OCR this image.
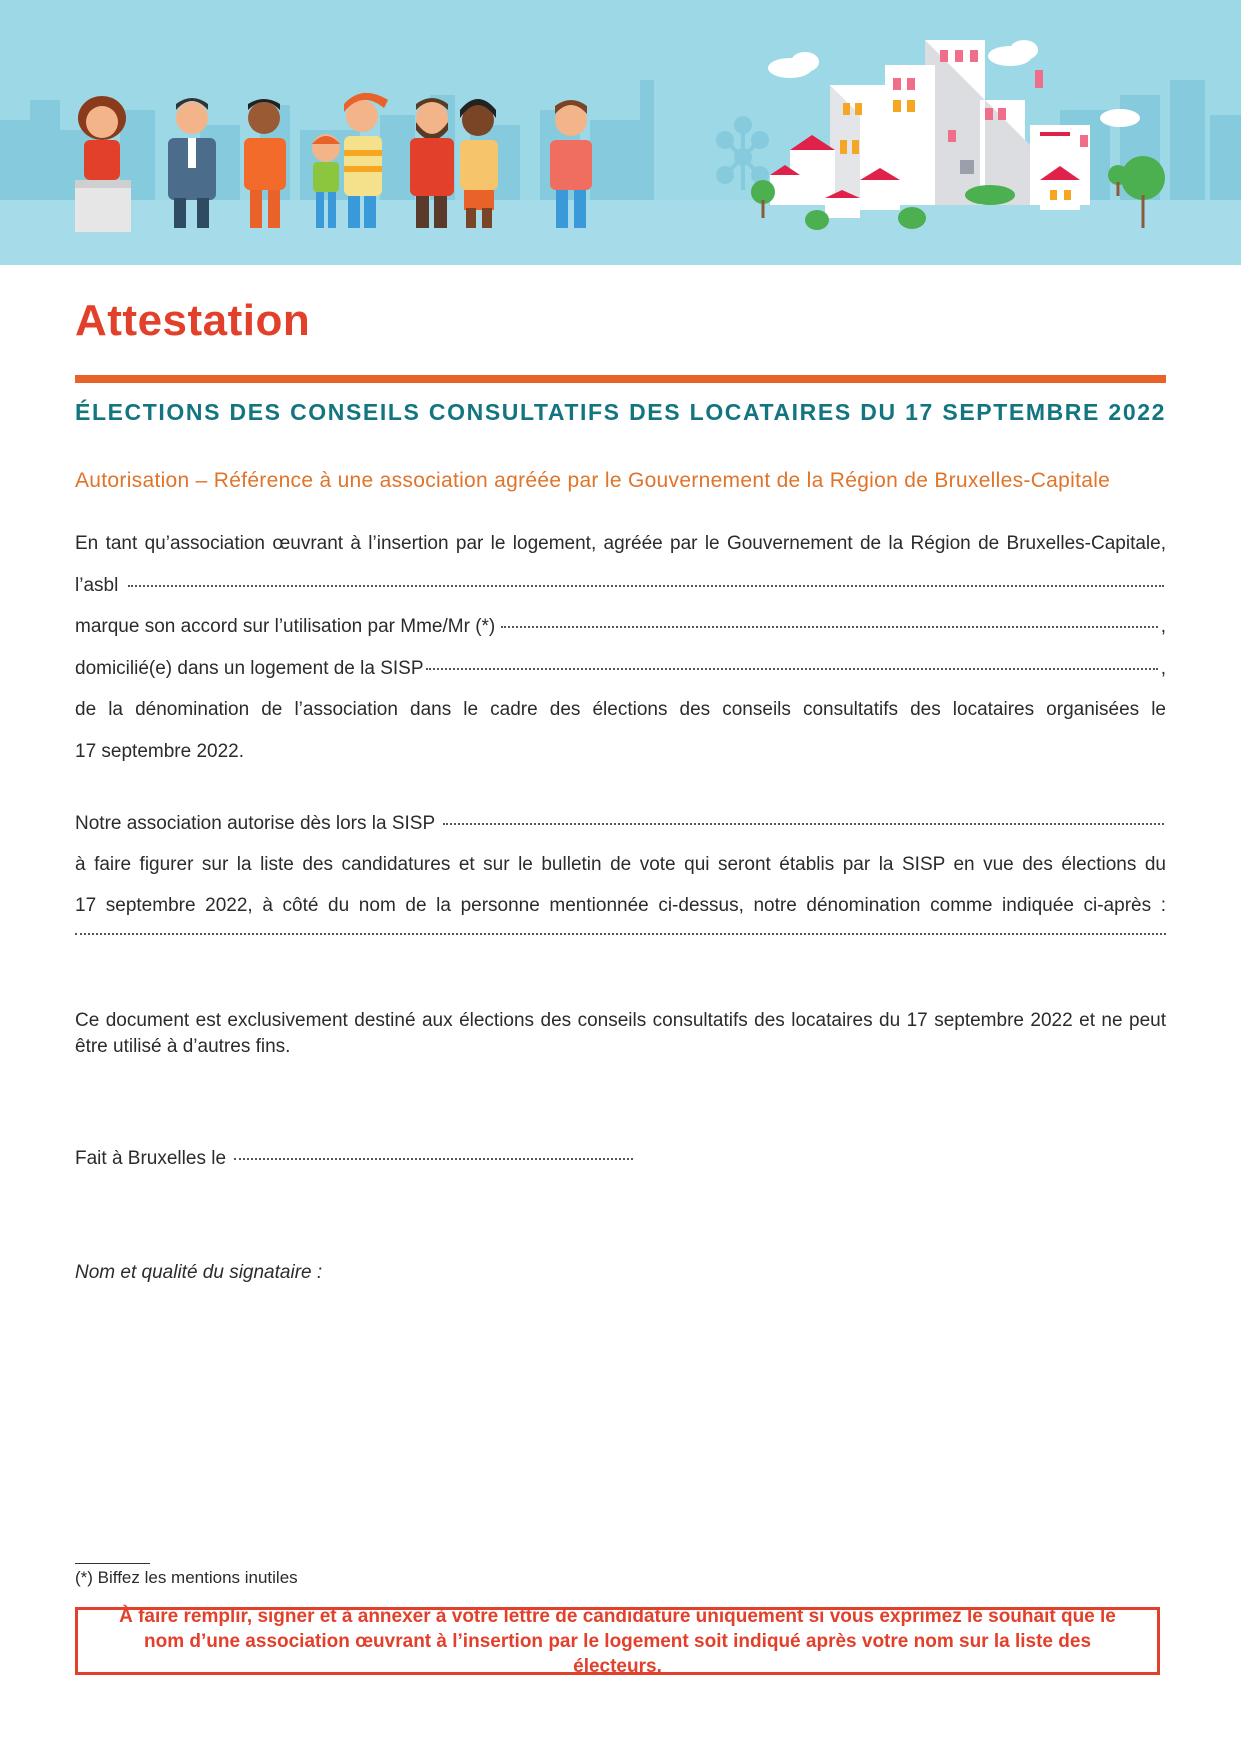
Attestation
ÉLECTIONS DES CONSEILS CONSULTATIFS DES LOCATAIRES DU 17 SEPTEMBRE 2022

Autorisation – Référence à une association agréée par le Gouvernement de la Région de Bruxelles-Capitale

En tant qu’association œuvrant à l’insertion par le logement, agréée par le Gouvernement de la Région de Bruxelles-Capitale,
l’asbl
marque son accord sur l’utilisation par Mme/Mr (*)	,
domicilié(e) dans un logement de la SISP	,
de la dénomination de l’association dans le cadre des élections des conseils consultatifs des locataires organisées le
17 septembre 2022.
Notre association autorise dès lors la SISP
à faire figurer sur la liste des candidatures et sur le bulletin de vote qui seront établis par la SISP en vue des élections du
17 septembre 2022, à côté du nom de la personne mentionnée ci-dessus, notre dénomination comme indiquée ci-après :

Ce document est exclusivement destiné aux élections des conseils consultatifs des locataires du 17 septembre 2022 et ne peut être utilisé à d’autres fins.

Fait à Bruxelles le
Nom et qualité du signataire :
(*) Biffez les mentions inutiles
À faire remplir, signer et à annexer à votre lettre de candidature uniquement si vous exprimez le souhait que le nom d’une association œuvrant à l’insertion par le logement soit indiqué après votre nom sur la liste des électeurs.
